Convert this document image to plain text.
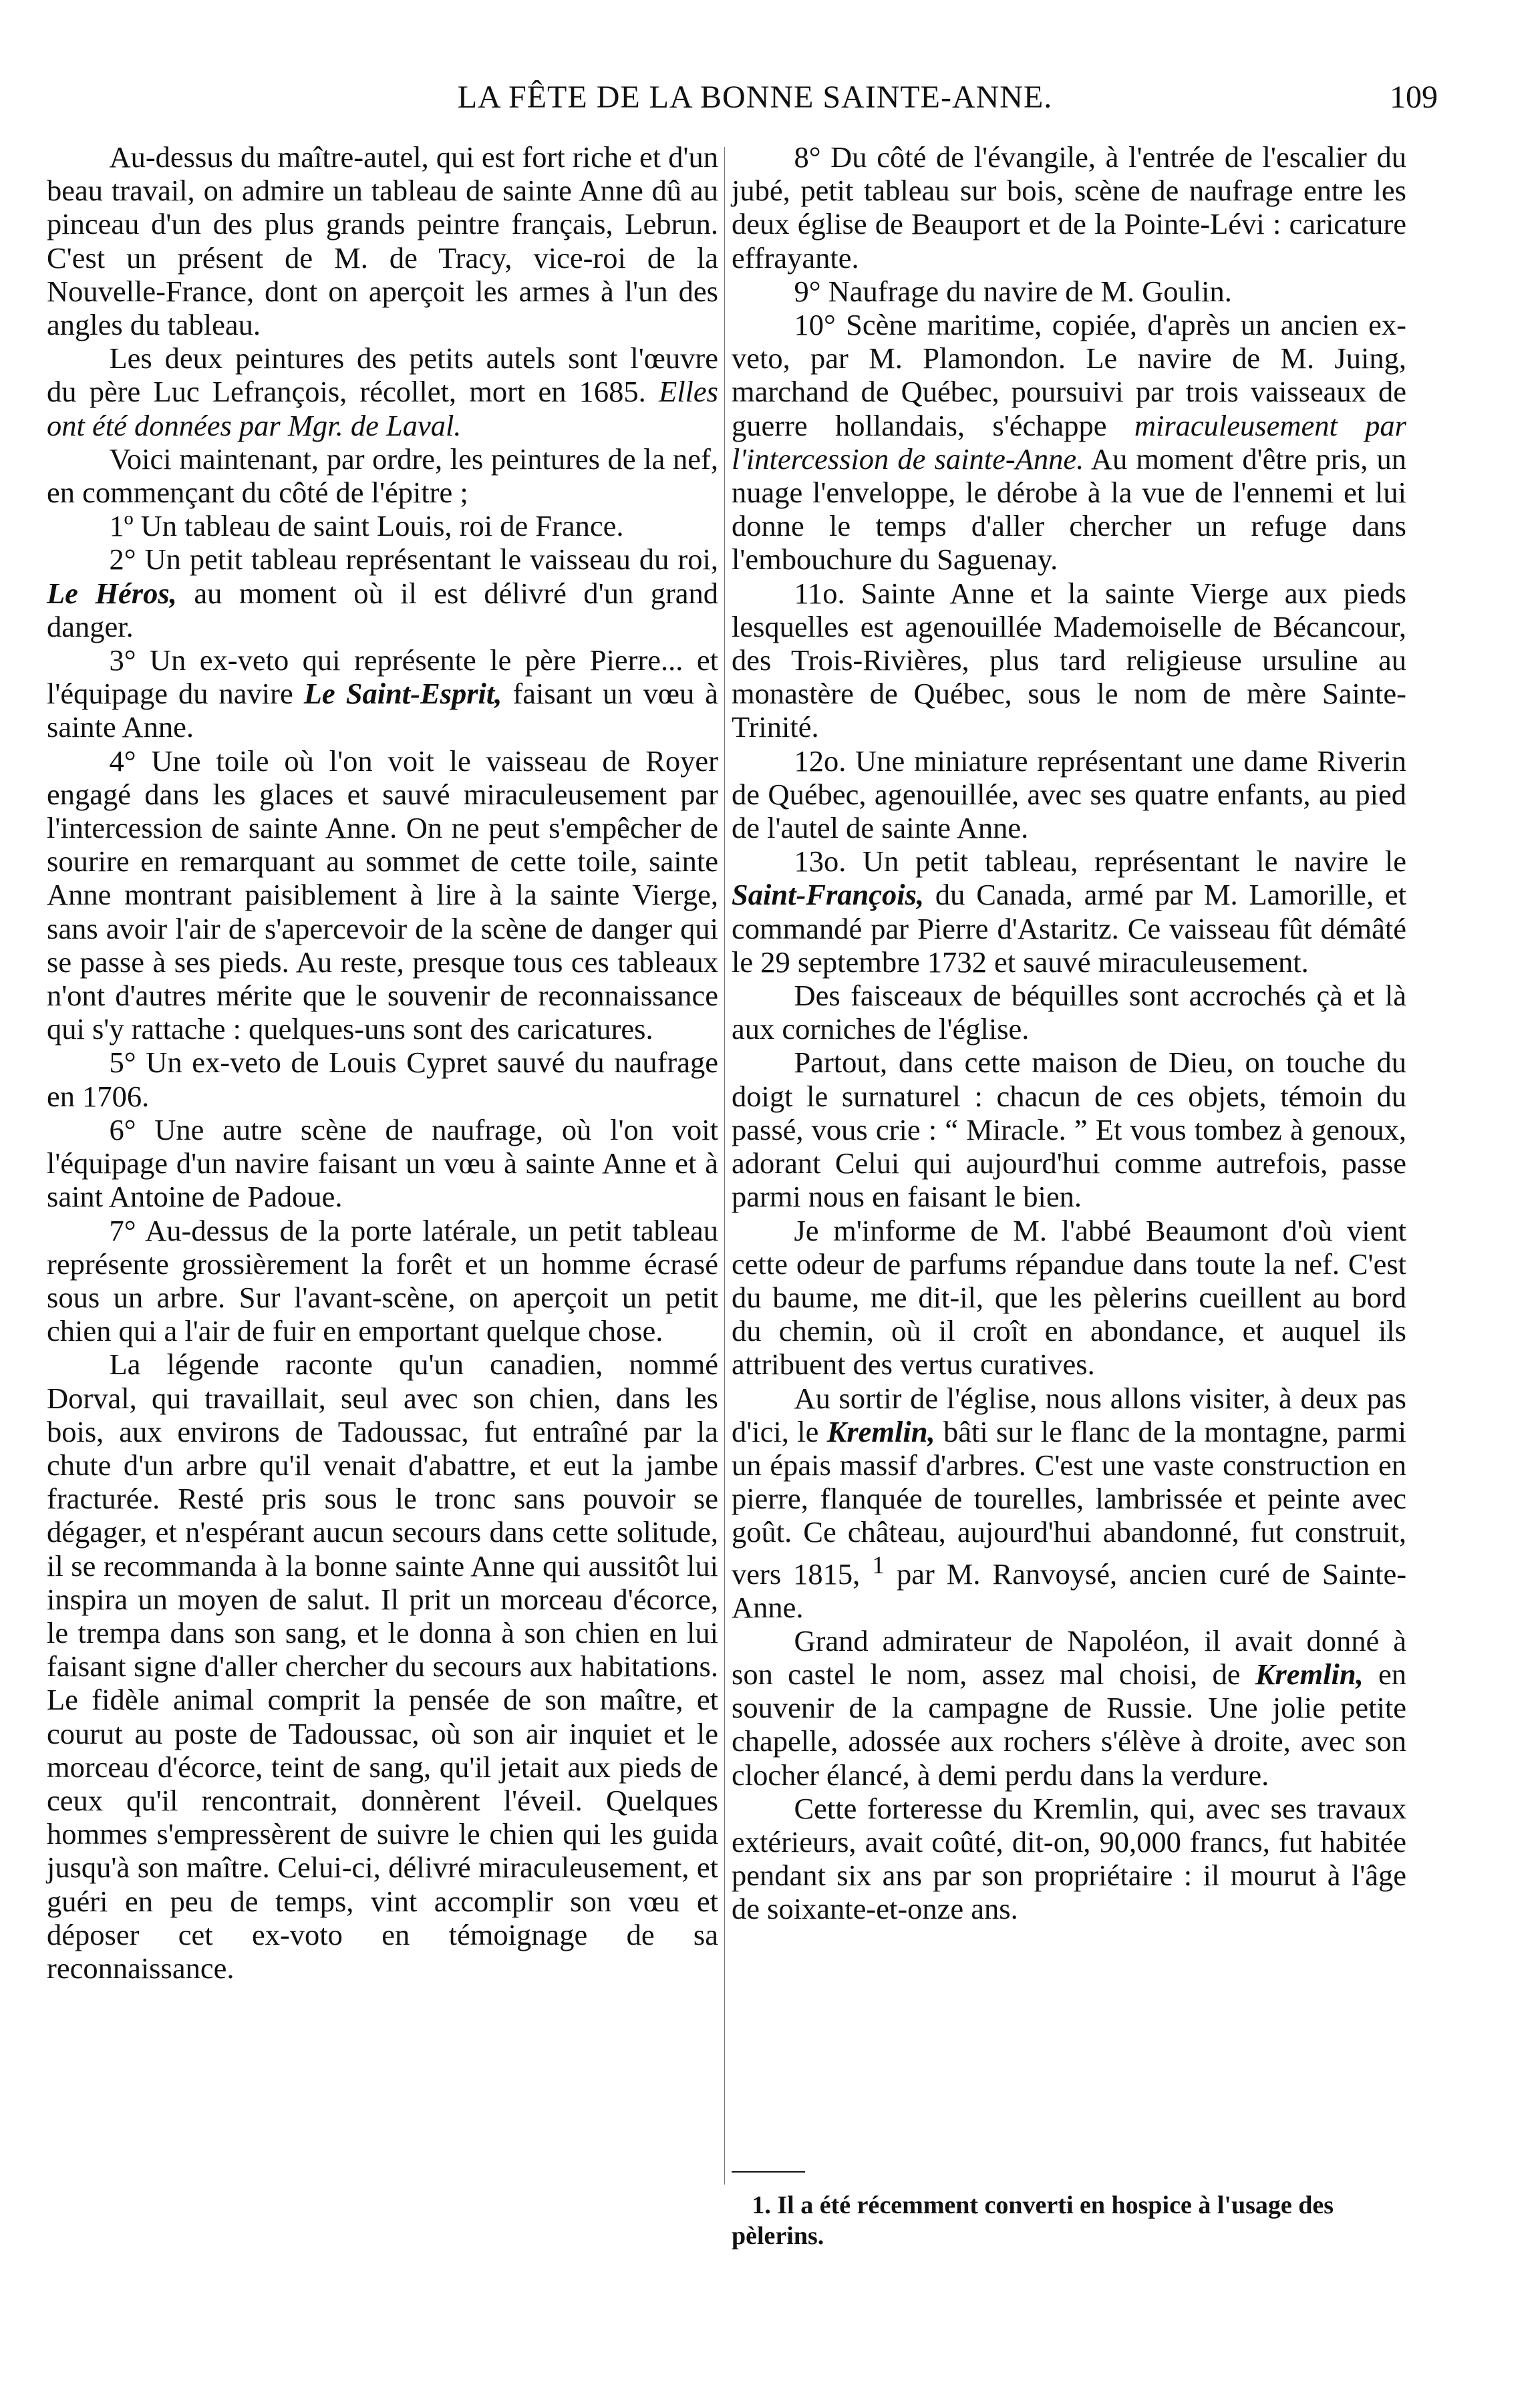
LA FÊTE DE LA BONNE SAINTE-ANNE.	109

Au-dessus du maître-autel, qui est fort riche et d'un beau travail, on admire un tableau de sainte Anne dû au pinceau d'un des plus grands peintre français, Lebrun. C'est un présent de M. de Tracy, vice-roi de la Nouvelle-France, dont on aperçoit les armes à l'un des angles du tableau.

Les deux peintures des petits autels sont l'œuvre du père Luc Lefrançois, récollet, mort en 1685. Elles ont été données par Mgr. de Laval.

Voici maintenant, par ordre, les peintures de la nef, en commençant du côté de l'épitre ;

1º Un tableau de saint Louis, roi de France.

2° Un petit tableau représentant le vaisseau du roi, Le Héros, au moment où il est délivré d'un grand danger.

3° Un ex-veto qui représente le père Pierre... et l'équipage du navire Le Saint-Esprit, faisant un vœu à sainte Anne.

4° Une toile où l'on voit le vaisseau de Royer engagé dans les glaces et sauvé miraculeusement par l'intercession de sainte Anne. On ne peut s'empêcher de sourire en remarquant au sommet de cette toile, sainte Anne montrant paisiblement à lire à la sainte Vierge, sans avoir l'air de s'apercevoir de la scène de danger qui se passe à ses pieds. Au reste, presque tous ces tableaux n'ont d'autres mérite que le souvenir de reconnaissance qui s'y rattache : quelques-uns sont des caricatures.

5° Un ex-veto de Louis Cypret sauvé du naufrage en 1706.

6° Une autre scène de naufrage, où l'on voit l'équipage d'un navire faisant un vœu à sainte Anne et à saint Antoine de Padoue.

7° Au-dessus de la porte latérale, un petit tableau représente grossièrement la forêt et un homme écrasé sous un arbre. Sur l'avant-scène, on aperçoit un petit chien qui a l'air de fuir en emportant quelque chose.

La légende raconte qu'un canadien, nommé Dorval, qui travaillait, seul avec son chien, dans les bois, aux environs de Tadoussac, fut entraîné par la chute d'un arbre qu'il venait d'abattre, et eut la jambe fracturée. Resté pris sous le tronc sans pouvoir se dégager, et n'espérant aucun secours dans cette solitude, il se recommanda à la bonne sainte Anne qui aussitôt lui inspira un moyen de salut. Il prit un morceau d'écorce, le trempa dans son sang, et le donna à son chien en lui faisant signe d'aller chercher du secours aux habitations. Le fidèle animal comprit la pensée de son maître, et courut au poste de Tadoussac, où son air inquiet et le morceau d'écorce, teint de sang, qu'il jetait aux pieds de ceux qu'il rencontrait, donnèrent l'éveil. Quelques hommes s'empressèrent de suivre le chien qui les guida jusqu'à son maître. Celui-ci, délivré miraculeusement, et guéri en peu de temps, vint accomplir son vœu et déposer cet ex-voto en témoignage de sa reconnaissance.

8° Du côté de l'évangile, à l'entrée de l'escalier du jubé, petit tableau sur bois, scène de naufrage entre les deux église de Beauport et de la Pointe-Lévi : caricature effrayante.

9° Naufrage du navire de M. Goulin.

10° Scène maritime, copiée, d'après un ancien ex-veto, par M. Plamondon. Le navire de M. Juing, marchand de Québec, poursuivi par trois vaisseaux de guerre hollandais, s'échappe miraculeusement par l'intercession de sainte-Anne. Au moment d'être pris, un nuage l'enveloppe, le dérobe à la vue de l'ennemi et lui donne le temps d'aller chercher un refuge dans l'embouchure du Saguenay.

11o. Sainte Anne et la sainte Vierge aux pieds lesquelles est agenouillée Mademoiselle de Bécancour, des Trois-Rivières, plus tard religieuse ursuline au monastère de Québec, sous le nom de mère Sainte-Trinité.

12o. Une miniature représentant une dame Riverin de Québec, agenouillée, avec ses quatre enfants, au pied de l'autel de sainte Anne.

13o. Un petit tableau, représentant le navire le Saint-François, du Canada, armé par M. Lamorille, et commandé par Pierre d'Astaritz. Ce vaisseau fût démâté le 29 septembre 1732 et sauvé miraculeusement.

Des faisceaux de béquilles sont accrochés çà et là aux corniches de l'église.

Partout, dans cette maison de Dieu, on touche du doigt le surnaturel : chacun de ces objets, témoin du passé, vous crie : “ Miracle. ” Et vous tombez à genoux, adorant Celui qui aujourd'hui comme autrefois, passe parmi nous en faisant le bien.

Je m'informe de M. l'abbé Beaumont d'où vient cette odeur de parfums répandue dans toute la nef. C'est du baume, me dit-il, que les pèlerins cueillent au bord du chemin, où il croît en abondance, et auquel ils attribuent des vertus curatives.

Au sortir de l'église, nous allons visiter, à deux pas d'ici, le Kremlin, bâti sur le flanc de la montagne, parmi un épais massif d'arbres. C'est une vaste construction en pierre, flanquée de tourelles, lambrissée et peinte avec goût. Ce château, aujourd'hui abandonné, fut construit, vers 1815, $^1$ par M. Ranvoysé, ancien curé de Sainte-Anne.

Grand admirateur de Napoléon, il avait donné à son castel le nom, assez mal choisi, de Kremlin, en souvenir de la campagne de Russie. Une jolie petite chapelle, adossée aux rochers s'élève à droite, avec son clocher élancé, à demi perdu dans la verdure.

Cette forteresse du Kremlin, qui, avec ses travaux extérieurs, avait coûté, dit-on, 90,000 francs, fut habitée pendant six ans par son propriétaire : il mourut à l'âge de soixante-et-onze ans.

1. Il a été récemment converti en hospice à l'usage des pèlerins.
